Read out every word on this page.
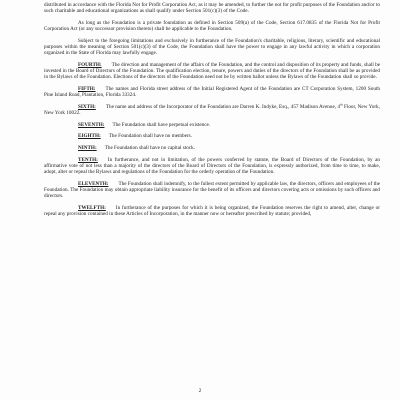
distributed in accordance with the Florida Not for Profit Corporation Act, as it may be amended, to further the not for profit purposes of the Foundation and/or to such charitable and educational organizations as shall qualify under Section 501(c)(3) of the Code.

As long as the Foundation is a private foundation as defined in Section 509(a) of the Code, Section 617.0835 of the Florida Not for Profit Corporation Act (or any successor provision thereto) shall be applicable to the Foundation.

Subject to the foregoing limitations and exclusively in furtherance of the Foundation's charitable, religious, literary, scientific and educational purposes within the meaning of Section 501(c)(3) of the Code, the Foundation shall have the power to engage in any lawful activity in which a corporation organized in the State of Florida may lawfully engage.

FOURTH: The direction and management of the affairs of the Foundation, and the control and disposition of its property and funds, shall be invested in the Board of Directors of the Foundation. The qualification election, tenure, powers and duties of the directors of the Foundation shall be as provided in the Bylaws of the Foundation. Elections of the directors of the Foundation need not be by written ballot unless the Bylaws of the Foundation shall so provide.

FIFTH: The names and Florida street address of the Initial Registered Agent of the Foundation are CT Corporation System, 1200 South Pine Island Road, Plantation, Florida 33324.

SIXTH: The name and address of the Incorporator of the Foundation are Darren K. Indyke, Esq., 457 Madison Avenue, 4th Floor, New York, New York 10022.

SEVENTH: The Foundation shall have perpetual existence.

EIGHTH: The Foundation shall have no members.

NINTH: The Foundation shall have no capital stock.

TENTH: In furtherance, and not in limitation, of the powers conferred by statute, the Board of Directors of the Foundation, by an affirmative vote of not less than a majority of the directors of the Board of Directors of the Foundation, is expressly authorized, from time to time, to make, adopt, alter or repeal the Bylaws and regulations of the Foundation for the orderly operation of the Foundation.

ELEVENTH: The Foundation shall indemnify, to the fullest extent permitted by applicable law, the directors, officers and employees of the Foundation. The Foundation may obtain appropriate liability insurance for the benefit of its officers and directors covering acts or omissions by such officers and directors.

TWELFTH: In furtherance of the purposes for which it is being organized, the Foundation reserves the right to amend, alter, change or repeal any provision contained in these Articles of Incorporation, in the manner now or hereafter prescribed by statute; provided,

2
